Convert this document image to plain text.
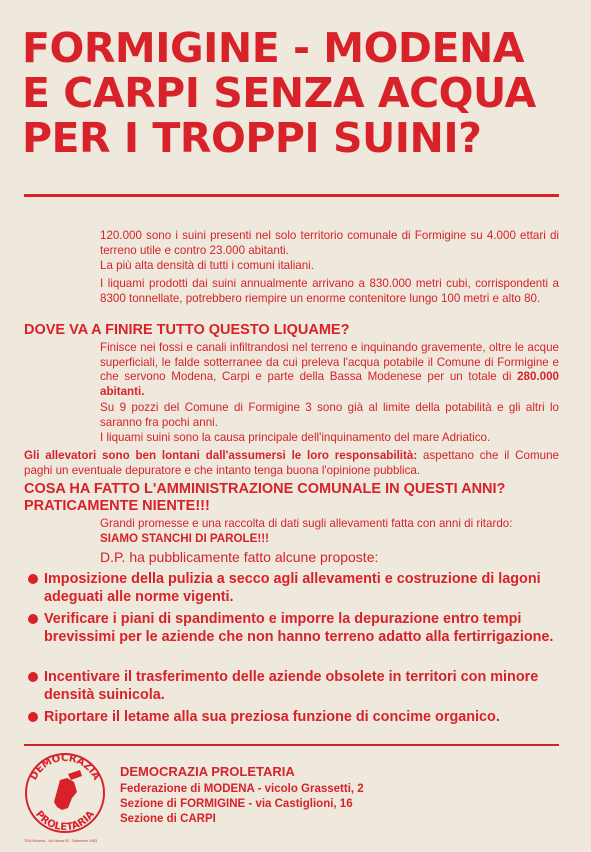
FORMIGINE - MODENA
E CARPI SENZA ACQUA
PER I TROPPI SUINI?

120.000 sono i suini presenti nel solo territorio comunale di Formigine su 4.000 ettari di terreno utile e contro 23.000 abitanti.

La più alta densità di tutti i comuni italiani.

I liquami prodotti dai suini annualmente arrivano a 830.000 metri cubi, corrispondenti a 8300 tonnellate, potrebbero riempire un enorme contenitore lungo 100 metri e alto 80.

DOVE VA A FINIRE TUTTO QUESTO LIQUAME?

Finisce nei fossi e canali infiltrandosi nel terreno e inquinando gravemente, oltre le acque superficiali, le falde sotterranee da cui preleva l'acqua potabile il Comune di Formigine e che servono Modena, Carpi e parte della Bassa Modenese per un totale di 280.000 abitanti.

Su 9 pozzi del Comune di Formigine 3 sono già al limite della potabilità e gli altri lo saranno fra pochi anni.

I liquami suini sono la causa principale dell'inquinamento del mare Adriatico.

Gli allevatori sono ben lontani dall'assumersi le loro responsabilità: aspettano che il Comune paghi un eventuale depuratore e che intanto tenga buona l'opinione pubblica.

COSA HA FATTO L'AMMINISTRAZIONE COMUNALE IN QUESTI ANNI?
PRATICAMENTE NIENTE!!!

Grandi promesse e una raccolta di dati sugli allevamenti fatta con anni di ritardo:
SIAMO STANCHI DI PAROLE!!!

D.P. ha pubblicamente fatto alcune proposte:

Imposizione della pulizia a secco agli allevamenti e costruzione di lagoni adeguati alle norme vigenti.

Verificare i piani di spandimento e imporre la depurazione entro tempi brevissimi per le aziende che non hanno terreno adatto alla fertirrigazione.

Incentivare il trasferimento delle aziende obsolete in territori con minore densità suinicola.

Riportare il letame alla sua preziosa funzione di concime organico.

DEMOCRAZIA
PROLETARIA

DEMOCRAZIA PROLETARIA

Federazione di MODENA - vicolo Grassetti, 2

Sezione di FORMIGINE - via Castiglioni, 16

Sezione di CARPI

TEM Modena - Via Nonas 92 - Settembre 1983
